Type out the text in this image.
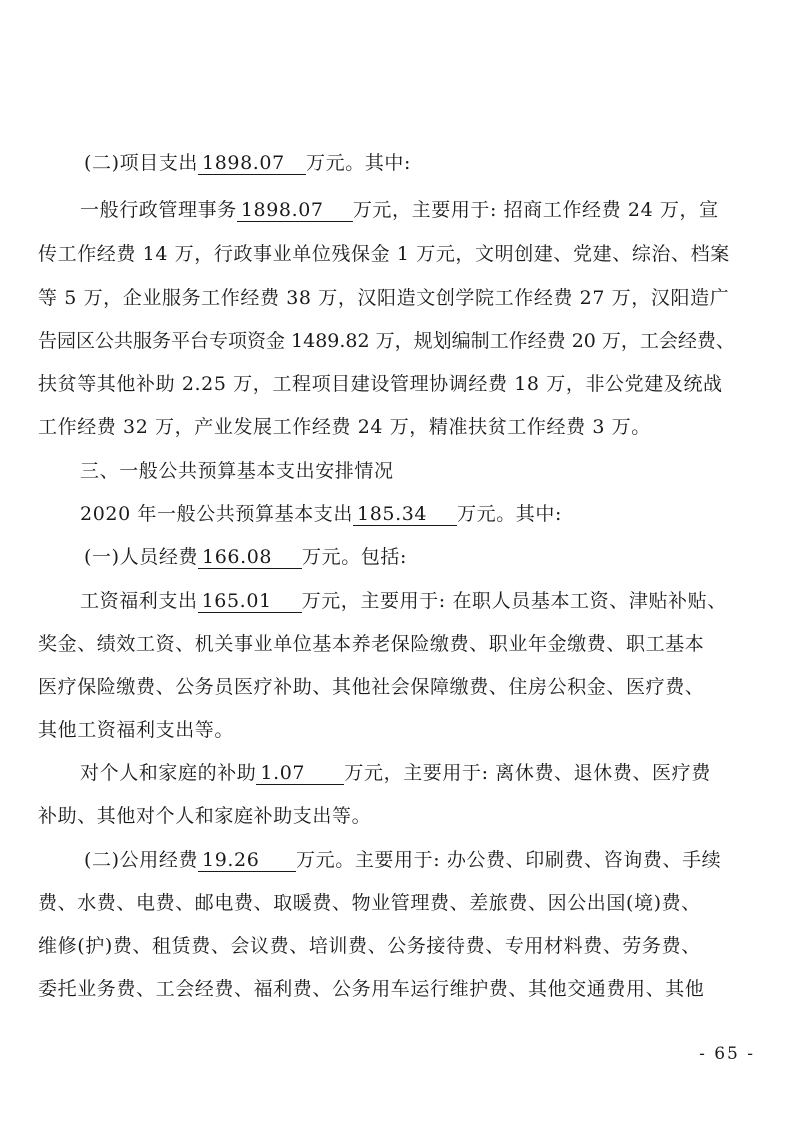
(二)项目支出 1898.07 万元。其中:
一般行政管理事务 1898.07 万元，主要用于: 招商工作经费 24 万，宣
传工作经费 14 万，行政事业单位残保金 1 万元，文明创建、党建、综治、档案
等 5 万，企业服务工作经费 38 万，汉阳造文创学院工作经费 27 万，汉阳造广
告园区公共服务平台专项资金 1489.82 万，规划编制工作经费 20 万，工会经费、
扶贫等其他补助 2.25 万，工程项目建设管理协调经费 18 万，非公党建及统战
工作经费 32 万，产业发展工作经费 24 万，精准扶贫工作经费 3 万。
三、一般公共预算基本支出安排情况
2020 年一般公共预算基本支出 185.34 万元。其中:
(一)人员经费 166.08 万元。包括:
工资福利支出 165.01 万元，主要用于: 在职人员基本工资、津贴补贴、
奖金、绩效工资、机关事业单位基本养老保险缴费、职业年金缴费、职工基本
医疗保险缴费、公务员医疗补助、其他社会保障缴费、住房公积金、医疗费、
其他工资福利支出等。
对个人和家庭的补助 1.07 万元，主要用于: 离休费、退休费、医疗费
补助、其他对个人和家庭补助支出等。
(二)公用经费 19.26 万元。主要用于: 办公费、印刷费、咨询费、手续
费、水费、电费、邮电费、取暖费、物业管理费、差旅费、因公出国(境)费、
维修(护)费、租赁费、会议费、培训费、公务接待费、专用材料费、劳务费、
委托业务费、工会经费、福利费、公务用车运行维护费、其他交通费用、其他
- 65 -
